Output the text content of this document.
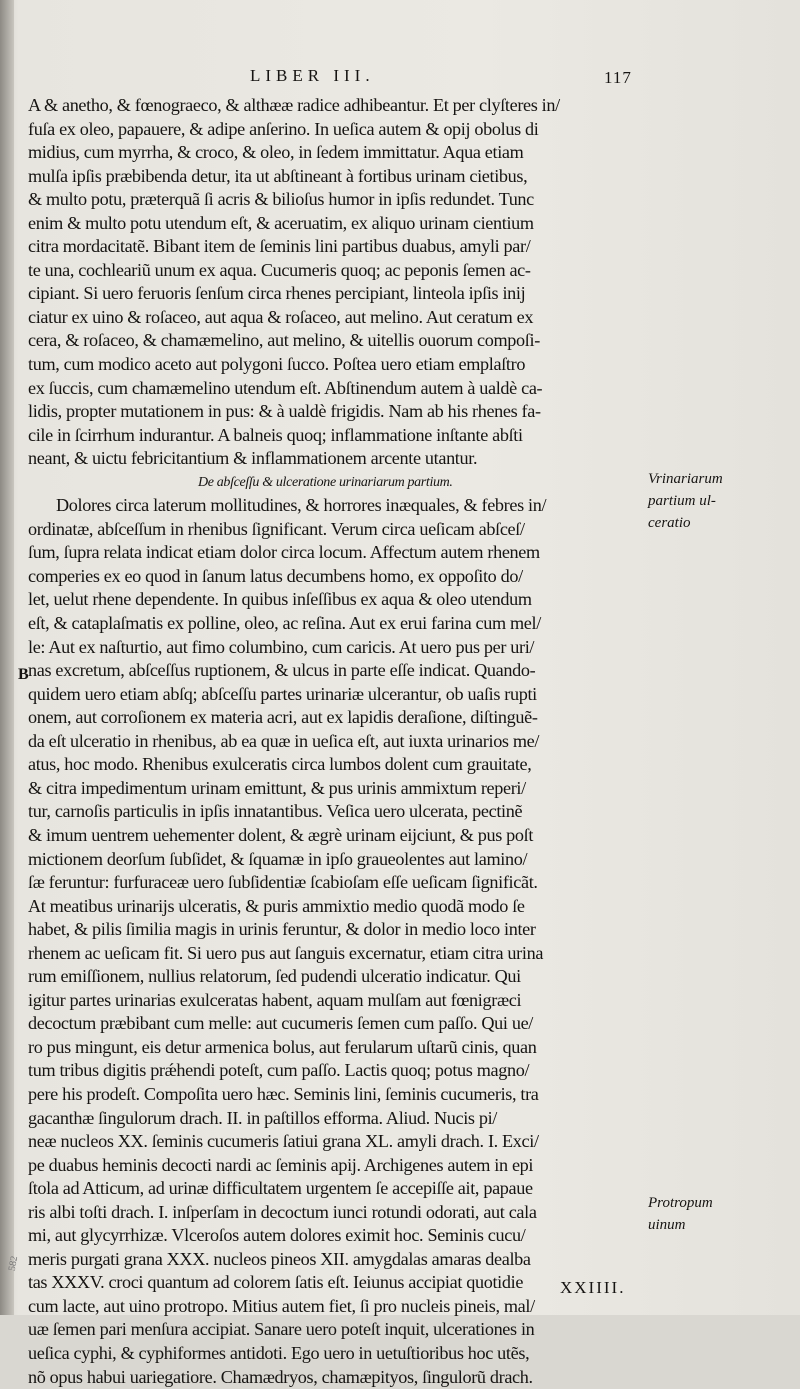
LIBER III.	117
B
A & anetho, & fœnograeco, & althææ radice adhibeantur. Et per clyſteres in/
fuſa ex oleo, papauere, & adipe anſerino. In ueſica autem & opij obolus di
midius, cum myrrha, & croco, & oleo, in ſedem immittatur. Aqua etiam
mulſa ipſis præbibenda detur, ita ut abſtineant à fortibus urinam cietibus,
& multo potu, præterquã ſi acris & bilioſus humor in ipſis redundet. Tunc
enim & multo potu utendum eſt, & aceruatim, ex aliquo urinam cientium
citra mordacitatẽ. Bibant item de ſeminis lini partibus duabus, amyli par/
te una, cochleariũ unum ex aqua. Cucumeris quoq; ac peponis ſemen ac-
cipiant. Si uero feruoris ſenſum circa rhenes percipiant, linteola ipſis inij
ciatur ex uino & roſaceo, aut aqua & roſaceo, aut melino. Aut ceratum ex
cera, & roſaceo, & chamæmelino, aut melino, & uitellis ouorum compoſi-
tum, cum modico aceto aut polygoni ſucco. Poſtea uero etiam emplaſtro
ex ſuccis, cum chamæmelino utendum eſt. Abſtinendum autem à ualdè ca-
lidis, propter mutationem in pus: & à ualdè frigidis. Nam ab his rhenes fa-
cile in ſcirrhum indurantur. A balneis quoq; inflammatione inſtante abſti
neant, & uictu febricitantium & inflammationem arcente utantur.
De abſceſſu & ulceratione urinariarum partium.
Dolores circa laterum mollitudines, & horrores inæquales, & febres in/
ordinatæ, abſceſſum in rhenibus ſignificant. Verum circa ueſicam abſceſ/
ſum, ſupra relata indicat etiam dolor circa locum. Affectum autem rhenem
comperies ex eo quod in ſanum latus decumbens homo, ex oppoſito do/
let, uelut rhene dependente. In quibus inſeſſibus ex aqua & oleo utendum
eſt, & cataplaſmatis ex polline, oleo, ac reſina. Aut ex erui farina cum mel/
le: Aut ex naſturtio, aut fimo columbino, cum caricis. At uero pus per uri/
nas excretum, abſceſſus ruptionem, & ulcus in parte eſſe indicat. Quando-
quidem uero etiam abſq; abſceſſu partes urinariæ ulcerantur, ob uaſis rupti
onem, aut corroſionem ex materia acri, aut ex lapidis deraſione, diſtinguẽ-
da eſt ulceratio in rhenibus, ab ea quæ in ueſica eſt, aut iuxta urinarios me/
atus, hoc modo. Rhenibus exulceratis circa lumbos dolent cum grauitate,
& citra impedimentum urinam emittunt, & pus urinis ammixtum reperi/
tur, carnoſis particulis in ipſis innatantibus. Veſica uero ulcerata, pectinẽ
& imum uentrem uehementer dolent, & ægrè urinam eijciunt, & pus poſt
mictionem deorſum ſubſidet, & ſquamæ in ipſo graueolentes aut lamino/
ſæ feruntur: furfuraceæ uero ſubſidentiæ ſcabioſam eſſe ueſicam ſignificãt.
At meatibus urinarijs ulceratis, & puris ammixtio medio quodã modo ſe
habet, & pilis ſimilia magis in urinis feruntur, & dolor in medio loco inter
rhenem ac ueſicam fit. Si uero pus aut ſanguis excernatur, etiam citra urina
rum emiſſionem, nullius relatorum, ſed pudendi ulceratio indicatur. Qui
igitur partes urinarias exulceratas habent, aquam mulſam aut fœnigræci
decoctum præbibant cum melle: aut cucumeris ſemen cum paſſo. Qui ue/
ro pus mingunt, eis detur armenica bolus, aut ferularum uſtarũ cinis, quan
tum tribus digitis prǽhendi poteſt, cum paſſo. Lactis quoq; potus magno/
pere his prodeſt. Compoſita uero hæc. Seminis lini, ſeminis cucumeris, tra
gacanthæ ſingulorum drach. II. in paſtillos efforma. Aliud. Nucis pi/
neæ nucleos XX. ſeminis cucumeris ſatiui grana XL. amyli drach. I. Exci/
pe duabus heminis decocti nardi ac ſeminis apij. Archigenes autem in epi
ſtola ad Atticum, ad urinæ difficultatem urgentem ſe accepiſſe ait, papaue
ris albi toſti drach. I. inſperſam in decoctum iunci rotundi odorati, aut cala
mi, aut glycyrrhizæ. Vlceroſos autem dolores eximit hoc. Seminis cucu/
meris purgati grana XXX. nucleos pineos XII. amygdalas amaras dealba
tas XXXV. croci quantum ad colorem ſatis eſt. Ieiunus accipiat quotidie
cum lacte, aut uino protropo. Mitius autem fiet, ſi pro nucleis pineis, mal/
uæ ſemen pari menſura accipiat. Sanare uero poteſt inquit, ulcerationes in
ueſica cyphi, & cyphiformes antidoti. Ego uero in uetuſtioribus hoc utẽs,
nõ opus habui uariegatiore. Chamædryos, chamæpityos, ſingulorũ drach.
Vrinariarum
partium ul-
ceratio
Protropum
uinum
XXIIII.
582
